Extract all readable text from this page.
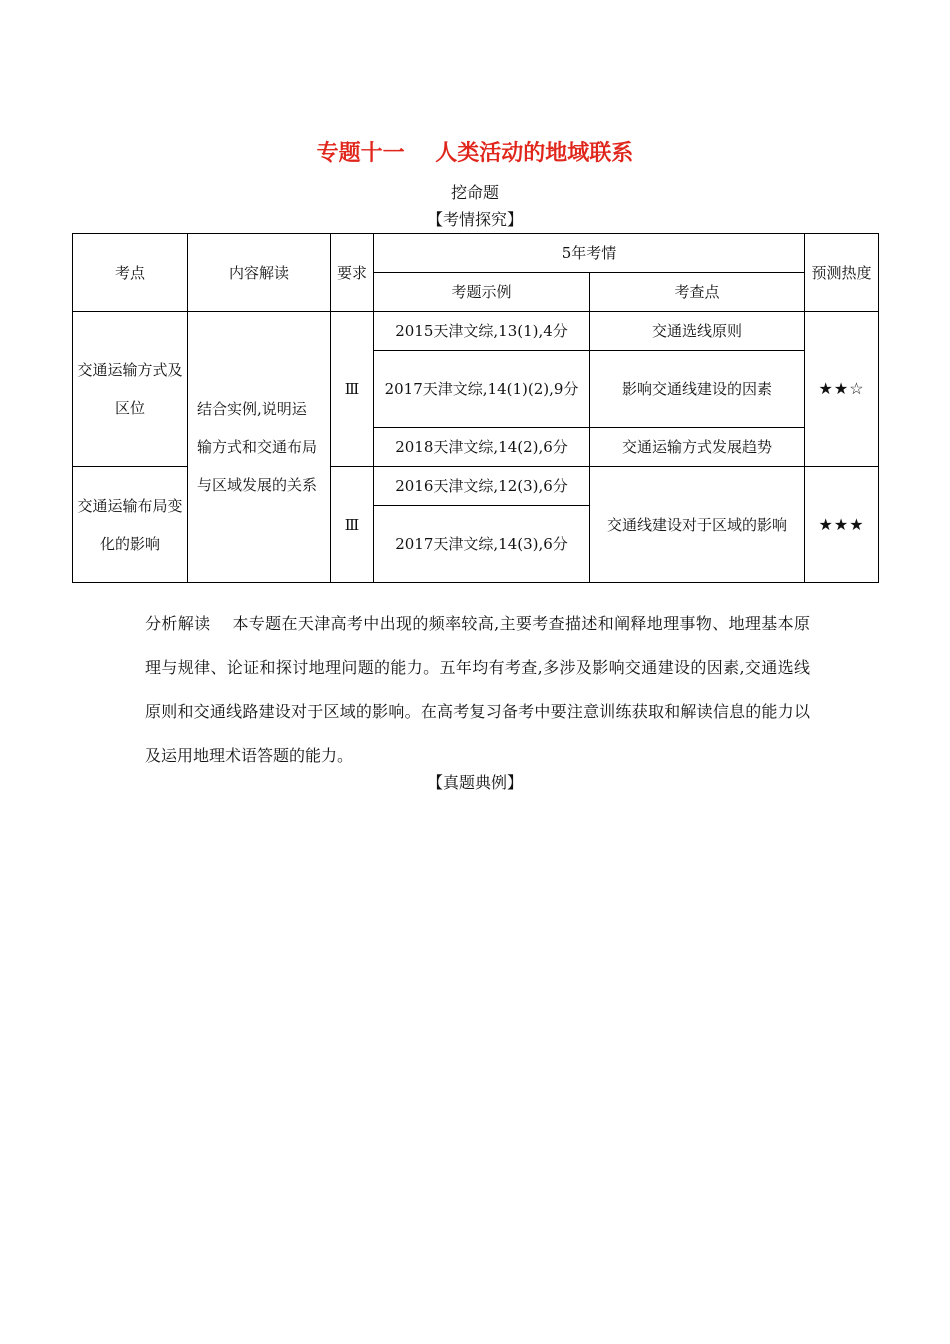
专题十一    人类活动的地域联系
挖命题
【考情探究】
考点	内容解读	要求	5年考情		预测热度
			考题示例	考查点	
交通运输方式及区位	结合实例,说明运输方式和交通布局与区域发展的关系	Ⅲ	2015天津文综,13(1),4分	交通选线原则	★★☆
			2017天津文综,14(1)(2),9分	影响交通线建设的因素	
			2018天津文综,14(2),6分	交通运输方式发展趋势	
交通运输布局变化的影响		Ⅲ	2016天津文综,12(3),6分	交通线建设对于区域的影响	★★★
			2017天津文综,14(3),6分		
分析解读 本专题在天津高考中出现的频率较高,主要考查描述和阐释地理事物、地理基本原理与规律、论证和探讨地理问题的能力。五年均有考查,多涉及影响交通建设的因素,交通选线原则和交通线路建设对于区域的影响。在高考复习备考中要注意训练获取和解读信息的能力以及运用地理术语答题的能力。
【真题典例】
